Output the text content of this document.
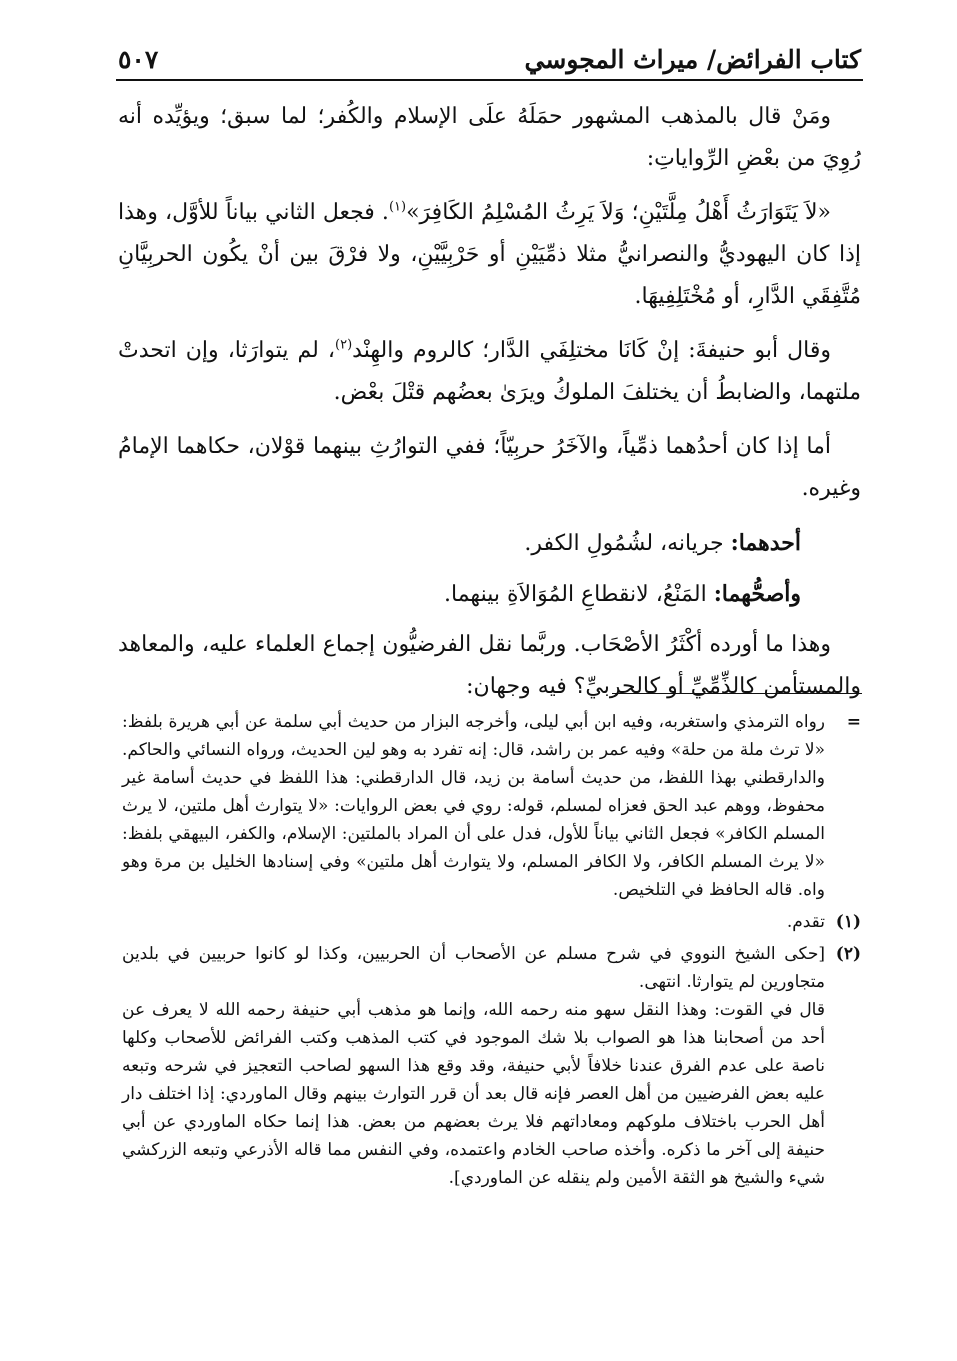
كتاب الفرائض/ ميراث المجوسي
٥٠٧

ومَنْ قال بالمذهب المشهور حمَلَهُ علَى الإسلام والكُفر؛ لما سبق؛ ويؤيِّده أنه رُوِيَ من بعْضِ الرِّواياتِ:

«لاَ يَتَوَارَثُ أَهْلُ مِلَّتَيْنِ؛ وَلاَ يَرِثُ المُسْلِمُ الكَافِرَ»$^{(١)}$. فجعل الثاني بياناً للأوَّل، وهذا إذا كان اليهوديُّ والنصرانيُّ مثلا ذمِّيَيْنِ أو حَرْبِيَّيْنِ، ولا فرْقَ بين أنْ يكُون الحربِيَّانِ مُتَّفِقَي الدَّارِ، أو مُخْتَلِفِيهَا.

وقال أبو حنيفةَ: إنْ كَانَا مختلِفَي الدَّار؛ كالروم والهِنْد$^{(٢)}$، لم يتوارَثا، وإن اتحدتْ ملتهما، والضابطُ أن يختلفَ الملوكُ ويرَىٰ بعضُهم قتْلَ بعْض.

أما إذا كان أحدُهما ذمِّياً، والآخَرُ حربِيّاً؛ ففي التوارُثِ بينهما قوْلان، حكاهما الإمامُ وغيره.

أحدهما: جريانه، لشُمُولِ الكفر.

وأصحُّهما: المَنْعُ، لانقطاعِ المُوَالاَةِ بينهما.

وهذا ما أورده أكْثَرُ الأصْحَاب. وربَّما نقل الفرضيُّون إجماع العلماء عليه، والمعاهد والمستأمن كالذِّمِّيِّ أو كالحربيِّ؟ فيه وجهان:

=

رواه الترمذي واستغربه، وفيه ابن أبي ليلى، وأخرجه البزار من حديث أبي سلمة عن أبي هريرة بلفظ: «لا ترث ملة من حلة» وفيه عمر بن راشد، قال: إنه تفرد به وهو لين الحديث، ورواه النسائي والحاكم. والدارقطني بهذا اللفظ، من حديث أسامة بن زيد، قال الدارقطني: هذا اللفظ في حديث أسامة غير محفوظ، ووهم عبد الحق فعزاه لمسلم، قوله: روي في بعض الروايات: «لا يتوارث أهل ملتين، لا يرث المسلم الكافر» فجعل الثاني بياناً للأول، فدل على أن المراد بالملتين: الإسلام، والكفر، البيهقي بلفظ: «لا يرث المسلم الكافر، ولا الكافر المسلم، ولا يتوارث أهل ملتين» وفي إسنادها الخليل بن مرة وهو واه. قاله الحافظ في التلخيص.

(١)

تقدم.

(٢)

[حكى الشيخ النووي في شرح مسلم عن الأصحاب أن الحربيين، وكذا لو كانوا حربيين في بلدين متجاورين لم يتوارثا. انتهى.

قال في القوت: وهذا النقل سهو منه رحمه الله، وإنما هو مذهب أبي حنيفة رحمه الله لا يعرف عن أحد من أصحابنا هذا هو الصواب بلا شك الموجود في كتب المذهب وكتب الفرائض للأصحاب وكلها ناصة على عدم الفرق عندنا خلافاً لأبي حنيفة، وقد وقع هذا السهو لصاحب التعجيز في شرحه وتبعه عليه بعض الفرضيين من أهل العصر فإنه قال بعد أن قرر التوارث بينهم وقال الماوردي: إذا اختلف دار أهل الحرب باختلاف ملوكهم ومعاداتهم فلا يرث بعضهم من بعض. هذا إنما حكاه الماوردي عن أبي حنيفة إلى آخر ما ذكره. وأخذه صاحب الخادم واعتمده، وفي النفس مما قاله الأذرعي وتبعه الزركشي شيء والشيخ هو الثقة الأمين ولم ينقله عن الماوردي].
